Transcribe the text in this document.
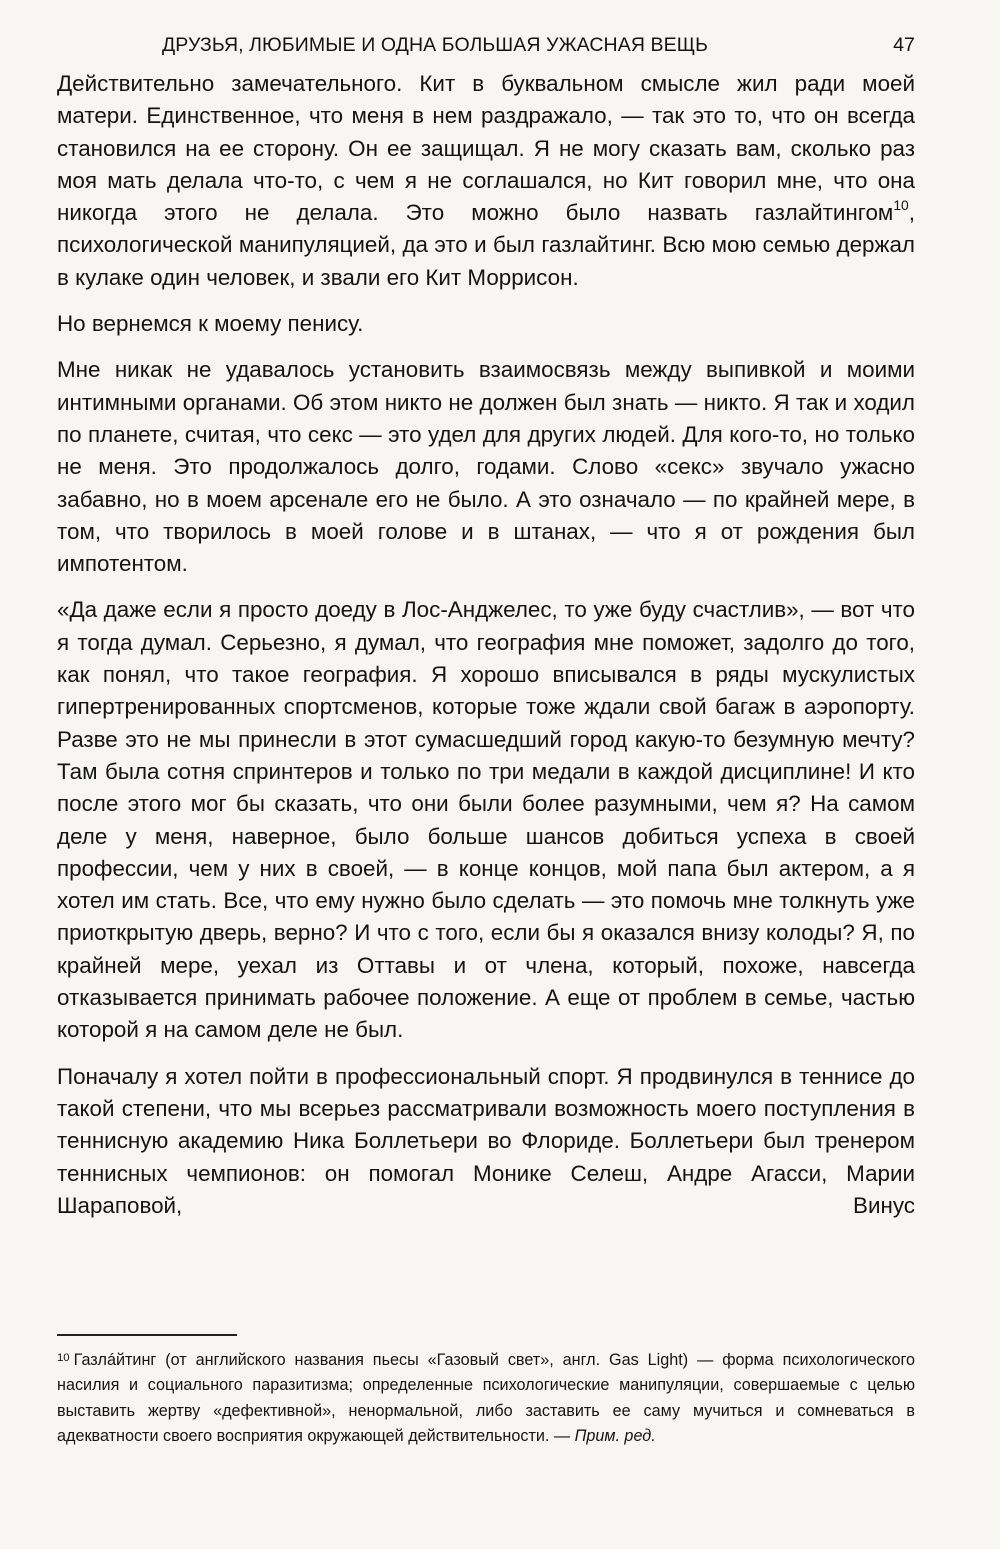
ДРУЗЬЯ, ЛЮБИМЫЕ И ОДНА БОЛЬШАЯ УЖАСНАЯ ВЕЩЬ	47

Действительно замечательного. Кит в буквальном смысле жил ради моей матери. Единственное, что меня в нем раздражало, — так это то, что он всегда становился на ее сторону. Он ее защищал. Я не могу сказать вам, сколько раз моя мать делала что-то, с чем я не соглашался, но Кит говорил мне, что она никогда этого не делала. Это можно было назвать газлайтингом$^{10}$, психологической манипуляцией, да это и был газлайтинг. Всю мою семью держал в кулаке один человек, и звали его Кит Моррисон.

Но вернемся к моему пенису.

Мне никак не удавалось установить взаимосвязь между выпивкой и моими интимными органами. Об этом никто не должен был знать — никто. Я так и ходил по планете, считая, что секс — это удел для других людей. Для кого-то, но только не меня. Это продолжалось долго, годами. Слово «секс» звучало ужасно забавно, но в моем арсенале его не было. А это означало — по крайней мере, в том, что творилось в моей голове и в штанах, — что я от рождения был импотентом.

«Да даже если я просто доеду в Лос-Анджелес, то уже буду счастлив», — вот что я тогда думал. Серьезно, я думал, что география мне поможет, задолго до того, как понял, что такое география. Я хорошо вписывался в ряды мускулистых гипертренированных спортсменов, которые тоже ждали свой багаж в аэропорту. Разве это не мы принесли в этот сумасшедший город какую-то безумную мечту? Там была сотня спринтеров и только по три медали в каждой дисциплине! И кто после этого мог бы сказать, что они были более разумными, чем я? На самом деле у меня, наверное, было больше шансов добиться успеха в своей профессии, чем у них в своей, — в конце концов, мой папа был актером, а я хотел им стать. Все, что ему нужно было сделать — это помочь мне толкнуть уже приоткрытую дверь, верно? И что с того, если бы я оказался внизу колоды? Я, по крайней мере, уехал из Оттавы и от члена, который, похоже, навсегда отказывается принимать рабочее положение. А еще от проблем в семье, частью которой я на самом деле не был.

Поначалу я хотел пойти в профессиональный спорт. Я продвинулся в теннисе до такой степени, что мы всерьез рассматривали возможность моего поступления в теннисную академию Ника Боллетьери во Флориде. Боллетьери был тренером теннисных чемпионов: он помогал Монике Селеш, Андре Агасси, Марии Шараповой, Винус

$^{10}$ Газлáйтинг (от английского названия пьесы «Газовый свет», англ. Gas Light) — форма психологического насилия и социального паразитизма; определенные психологические манипуляции, совершаемые с целью выставить жертву «дефективной», ненормальной, либо заставить ее саму мучиться и сомневаться в адекватности своего восприятия окружающей действительности. — Прим. ред.
